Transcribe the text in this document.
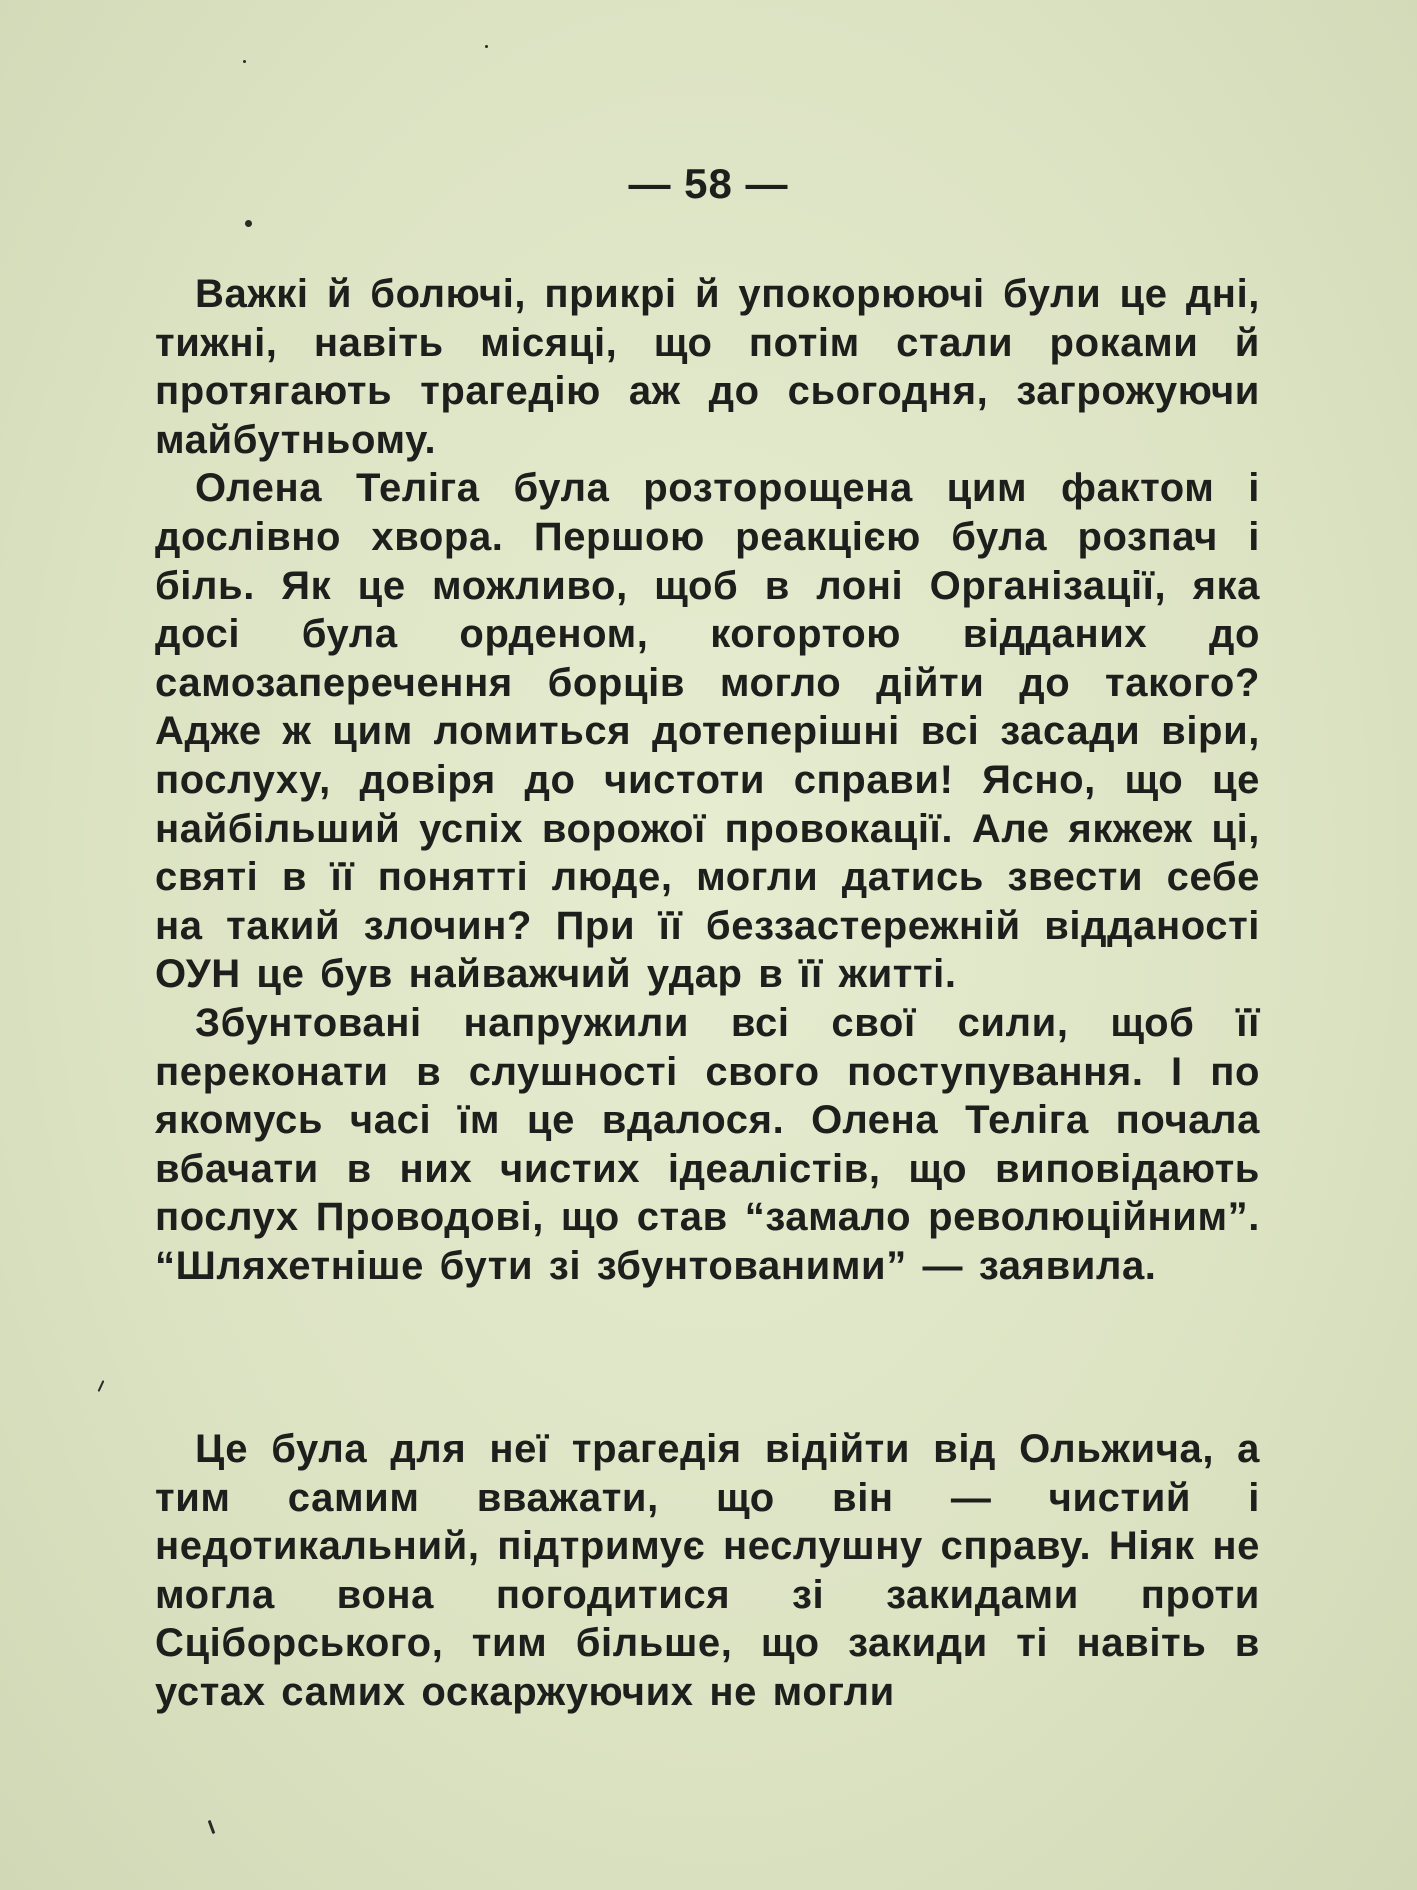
— 58 —

Важкі й болючі, прикрі й упокорюючі були це дні, тижні, навіть місяці, що потім стали роками й протягають трагедію аж до сьогодня, загрожуючи майбутньому.

Олена Теліга була розторощена цим фактом і дослівно хвора. Першою реакцією була розпач і біль. Як це можливо, щоб в лоні Організації, яка досі була орденом, когортою відданих до самозаперечення борців могло дійти до такого? Адже ж цим ломиться дотеперішні всі засади віри, послуху, довіря до чистоти справи! Ясно, що це найбільший успіх ворожої провокації. Але якжеж ці, святі в її понятті люде, могли датись звести себе на такий злочин? При її беззастережній відданості ОУН це був найважчий удар в її житті.

Збунтовані напружили всі свої сили, щоб її переконати в слушності свого поступування. І по якомусь часі їм це вдалося. Олена Теліга почала вбачати в них чистих ідеалістів, що виповідають послух Проводові, що став “замало революційним”. “Шляхетніше бути зі збунтованими” — заявила.

Це була для неї трагедія відійти від Ольжича, а тим самим вважати, що він — чистий і недотикальний, підтримує неслушну справу. Ніяк не могла вона погодитися зі закидами проти Сціборського, тим більше, що закиди ті навіть в устах самих оскаржуючих не могли
